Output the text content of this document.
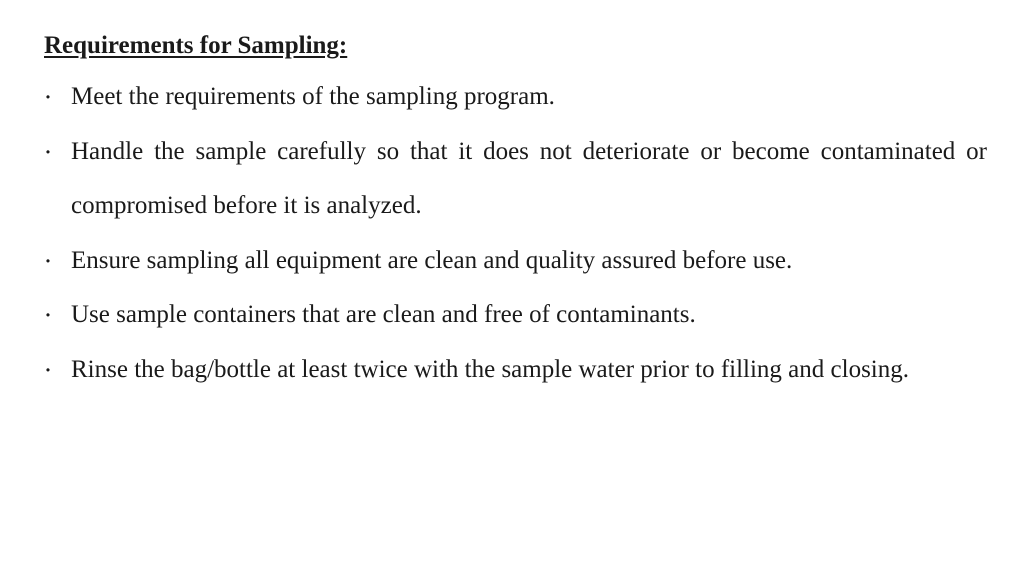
Requirements for Sampling:
• Meet the requirements of the sampling program.
• Handle the sample carefully so that it does not deteriorate or become contaminated or compromised before it is analyzed.
• Ensure sampling all equipment are clean and quality assured before use.
• Use sample containers that are clean and free of contaminants.
• Rinse the bag/bottle at least twice with the sample water prior to filling and closing.
